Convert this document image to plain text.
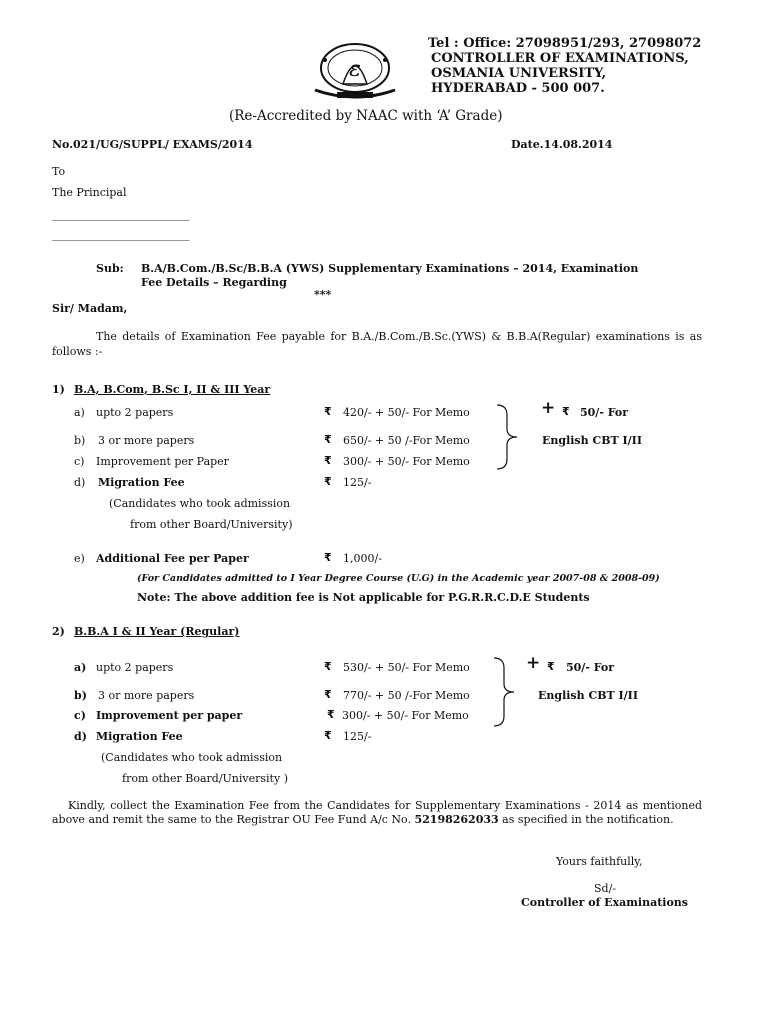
ε
Tel : Office: 27098951/293, 27098072
CONTROLLER OF EXAMINATIONS,
OSMANIA UNIVERSITY,
HYDERABAD - 500 007.
(Re-Accredited by NAAC with ‘A’ Grade)
No.021/UG/SUPPL/ EXAMS/2014	Date.14.08.2014
To
The Principal
_________________________
_________________________
Sub: B.A/B.Com./B.Sc/B.B.A (YWS) Supplementary Examinations – 2014, Examination
Fee Details – Regarding
***
Sir/ Madam,
The details of Examination Fee payable for B.A./B.Com./B.Sc.(YWS) & B.B.A(Regular) examinations is as follows :-
1) B.A, B.Com, B.Sc I, II & III Year
a) upto 2 papers	₹ 420/- + 50/- For Memo
b) 3 or more papers	₹ 650/- + 50 /-For Memo
c) Improvement per Paper	₹ 300/- + 50/- For Memo
d) Migration Fee	₹ 125/-
(Candidates who took admission
from other Board/University)
+ ₹ 50/- For
English CBT I/II
e) Additional Fee per Paper	₹ 1,000/-
(For Candidates admitted to I Year Degree Course (U.G) in the Academic year 2007-08 & 2008-09)
Note: The above addition fee is Not applicable for P.G.R.R.C.D.E Students
2) B.B.A I & II Year (Regular)
a) upto 2 papers	₹ 530/- + 50/- For Memo
b) 3 or more papers	₹ 770/- + 50 /-For Memo
c) Improvement per paper	₹ 300/- + 50/- For Memo
d) Migration Fee	₹ 125/-
(Candidates who took admission
from other Board/University )
+ ₹ 50/- For
English CBT I/II
Kindly, collect the Examination Fee from the Candidates for Supplementary Examinations - 2014 as mentioned above and remit the same to the Registrar OU Fee Fund A/c No. 52198262033 as specified in the notification.
Yours faithfully,
Sd/-
Controller of Examinations
